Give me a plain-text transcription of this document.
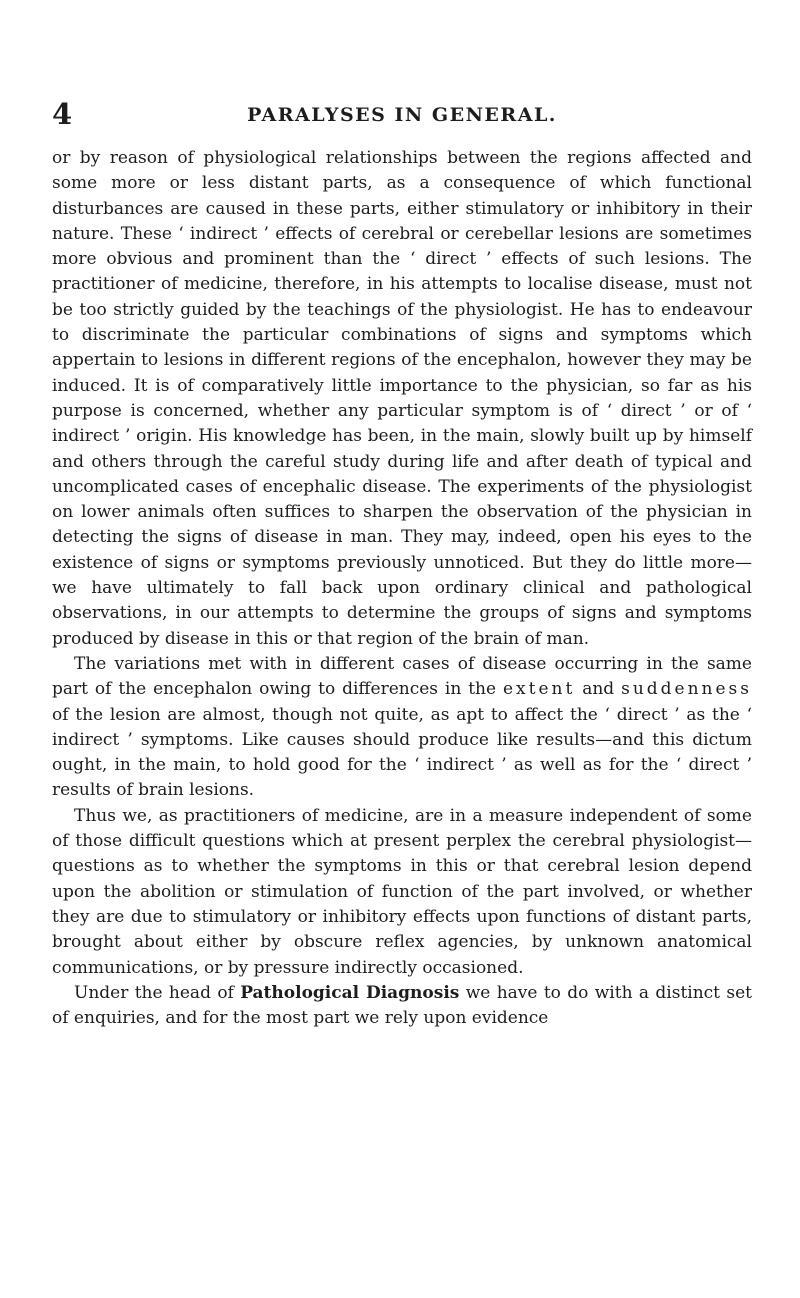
4	PARALYSES IN GENERAL.

or by reason of physiological relationships between the regions affected and some more or less distant parts, as a consequence of which functional disturbances are caused in these parts, either stimulatory or inhibitory in their nature. These ‘ indirect ’ effects of cerebral or cerebellar lesions are sometimes more obvious and prominent than the ‘ direct ’ effects of such lesions. The practitioner of medicine, therefore, in his attempts to localise disease, must not be too strictly guided by the teachings of the physiologist. He has to endeavour to discriminate the particular combinations of signs and symptoms which appertain to lesions in different regions of the encephalon, however they may be induced. It is of comparatively little importance to the physician, so far as his purpose is concerned, whether any particular symptom is of ‘ direct ’ or of ‘ indirect ’ origin. His knowledge has been, in the main, slowly built up by himself and others through the careful study during life and after death of typical and uncomplicated cases of encephalic disease. The experiments of the physiologist on lower animals often suffices to sharpen the observation of the physician in detecting the signs of disease in man. They may, indeed, open his eyes to the existence of signs or symptoms previously unnoticed. But they do little more—we have ultimately to fall back upon ordinary clinical and pathological observations, in our attempts to determine the groups of signs and symptoms produced by disease in this or that region of the brain of man.

The variations met with in different cases of disease occurring in the same part of the encephalon owing to differences in the extent and suddenness of the lesion are almost, though not quite, as apt to affect the ‘ direct ’ as the ‘ indirect ’ symptoms. Like causes should produce like results—and this dictum ought, in the main, to hold good for the ‘ indirect ’ as well as for the ‘ direct ’ results of brain lesions.

Thus we, as practitioners of medicine, are in a measure independent of some of those difficult questions which at present perplex the cerebral physiologist—questions as to whether the symptoms in this or that cerebral lesion depend upon the abolition or stimulation of function of the part involved, or whether they are due to stimulatory or inhibitory effects upon functions of distant parts, brought about either by obscure reflex agencies, by unknown anatomical communications, or by pressure indirectly occasioned.

Under the head of Pathological Diagnosis we have to do with a distinct set of enquiries, and for the most part we rely upon evidence
